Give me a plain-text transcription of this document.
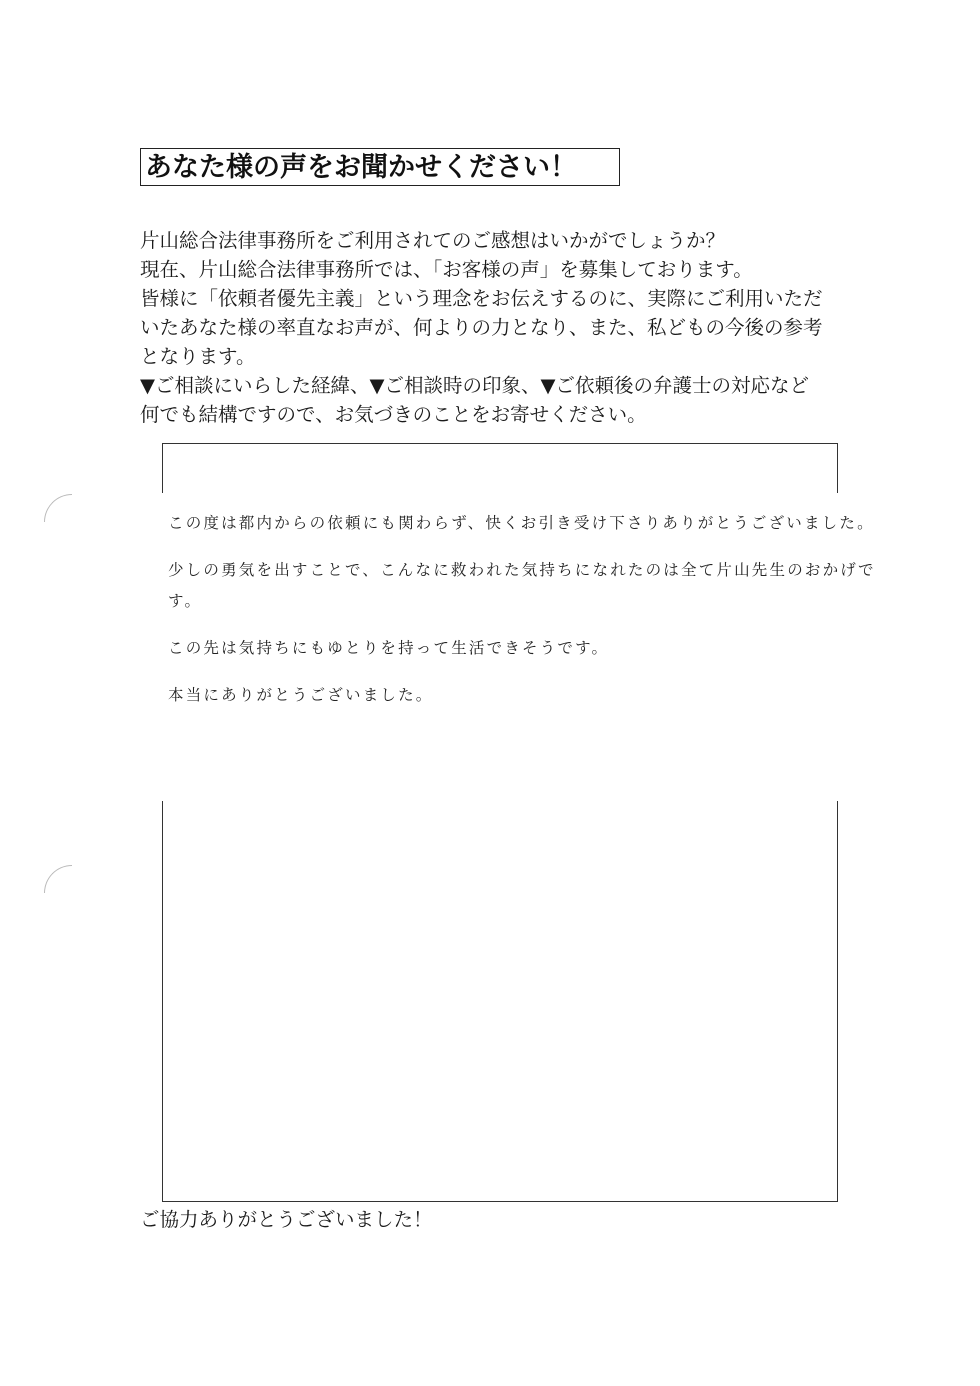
あなた様の声をお聞かせください！
片山総合法律事務所をご利用されてのご感想はいかがでしょうか？
現在、片山総合法律事務所では、「お客様の声」を募集しております。
皆様に「依頼者優先主義」という理念をお伝えするのに、実際にご利用いただ
いたあなた様の率直なお声が、何よりの力となり、また、私どもの今後の参考
となります。
▼ご相談にいらした経緯、▼ご相談時の印象、▼ご依頼後の弁護士の対応など
何でも結構ですので、お気づきのことをお寄せください。

この度は都内からの依頼にも関わらず、快くお引き受け下さりありがとうございました。

少しの勇気を出すことで、こんなに救われた気持ちになれたのは全て片山先生のおかげです。

この先は気持ちにもゆとりを持って生活できそうです。

本当にありがとうございました。

ご協力ありがとうございました！
